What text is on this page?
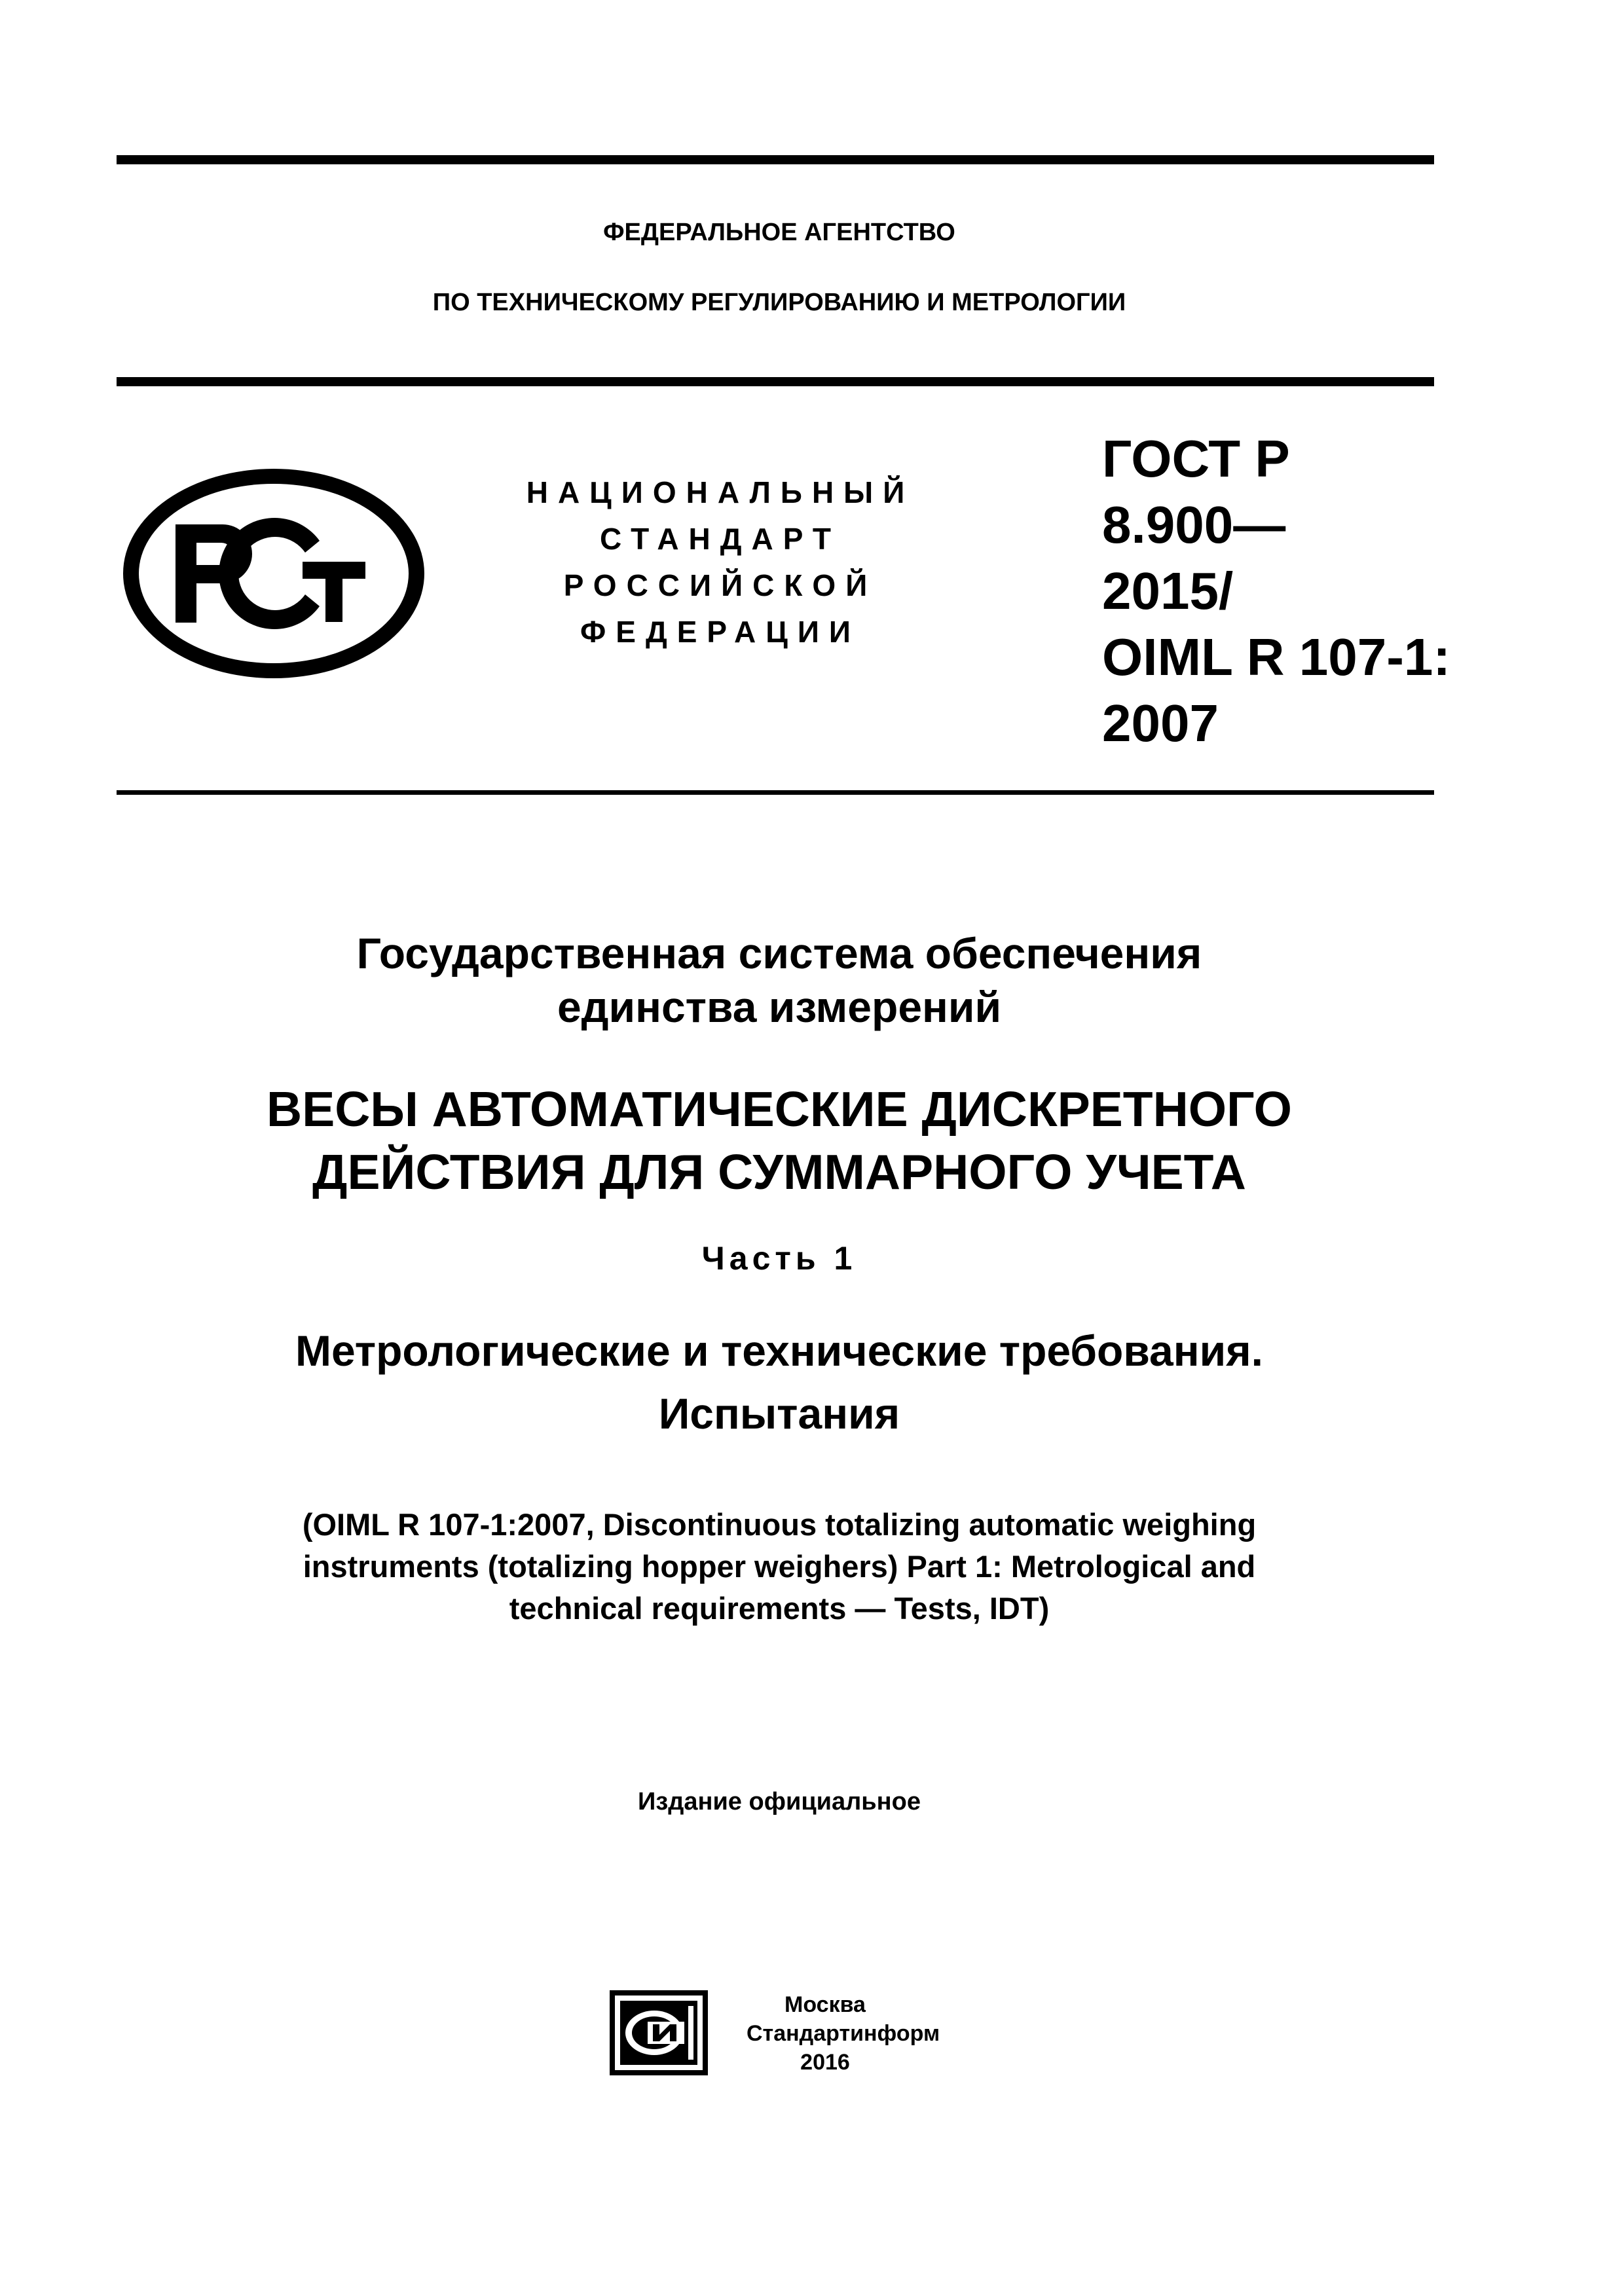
ФЕДЕРАЛЬНОЕ АГЕНТСТВО
ПО ТЕХНИЧЕСКОМУ РЕГУЛИРОВАНИЮ И МЕТРОЛОГИИ
НАЦИОНАЛЬНЫЙ
СТАНДАРТ
РОССИЙСКОЙ
ФЕДЕРАЦИИ
ГОСТ Р
8.900—
2015/
OIML R 107-1:
2007
Государственная система обеспечения
единства измерений
ВЕСЫ АВТОМАТИЧЕСКИЕ ДИСКРЕТНОГО
ДЕЙСТВИЯ ДЛЯ СУММАРНОГО УЧЕТА
Часть 1
Метрологические и технические требования.
Испытания
(OIML R 107-1:2007, Discontinuous totalizing automatic weighing
instruments (totalizing hopper weighers) Part 1: Metrological and
technical requirements — Tests, IDT)
Издание официальное
Москва
Стандартинформ
2016
